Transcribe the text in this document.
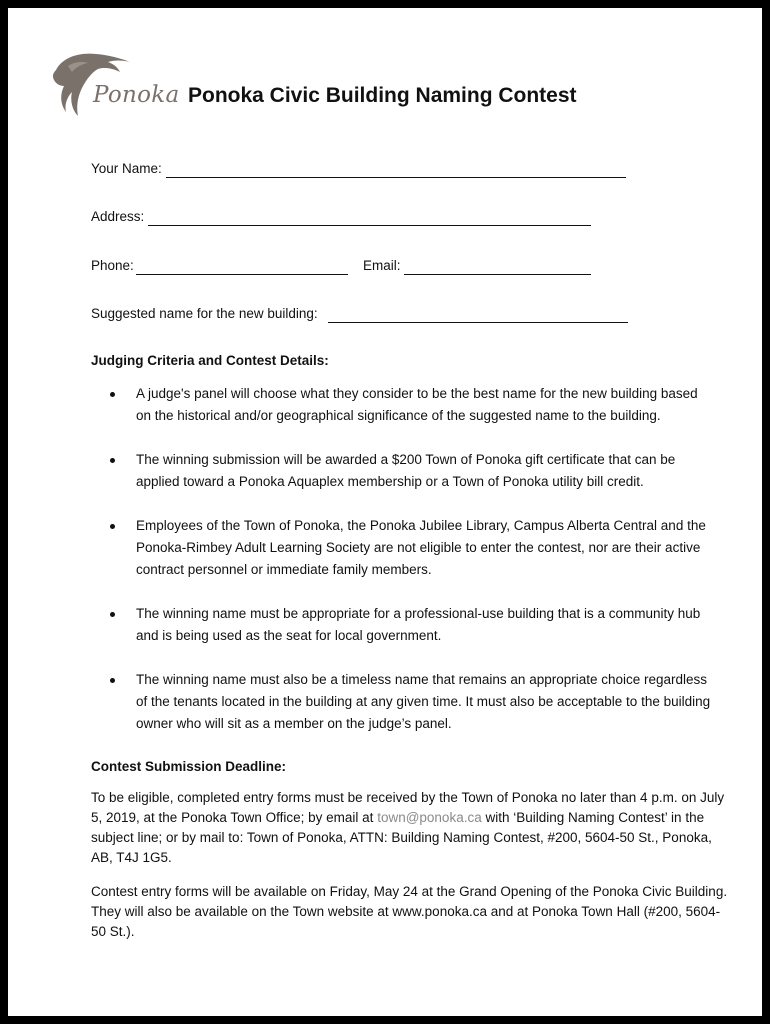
Ponoka Ponoka Civic Building Naming Contest
Your Name:
Address:
Phone:	Email:
Suggested name for the new building:
Judging Criteria and Contest Details:
A judge's panel will choose what they consider to be the best name for the new building based on the historical and/or geographical significance of the suggested name to the building.
The winning submission will be awarded a $200 Town of Ponoka gift certificate that can be applied toward a Ponoka Aquaplex membership or a Town of Ponoka utility bill credit.
Employees of the Town of Ponoka, the Ponoka Jubilee Library, Campus Alberta Central and the Ponoka-Rimbey Adult Learning Society are not eligible to enter the contest, nor are their active contract personnel or immediate family members.
The winning name must be appropriate for a professional-use building that is a community hub and is being used as the seat for local government.
The winning name must also be a timeless name that remains an appropriate choice regardless of the tenants located in the building at any given time. It must also be acceptable to the building owner who will sit as a member on the judge’s panel.
Contest Submission Deadline:
To be eligible, completed entry forms must be received by the Town of Ponoka no later than 4 p.m. on July 5, 2019, at the Ponoka Town Office; by email at town@ponoka.ca with ‘Building Naming Contest’ in the subject line; or by mail to: Town of Ponoka, ATTN: Building Naming Contest, #200, 5604-50 St., Ponoka, AB, T4J 1G5.
Contest entry forms will be available on Friday, May 24 at the Grand Opening of the Ponoka Civic Building. They will also be available on the Town website at www.ponoka.ca and at Ponoka Town Hall (#200, 5604-50 St.).
